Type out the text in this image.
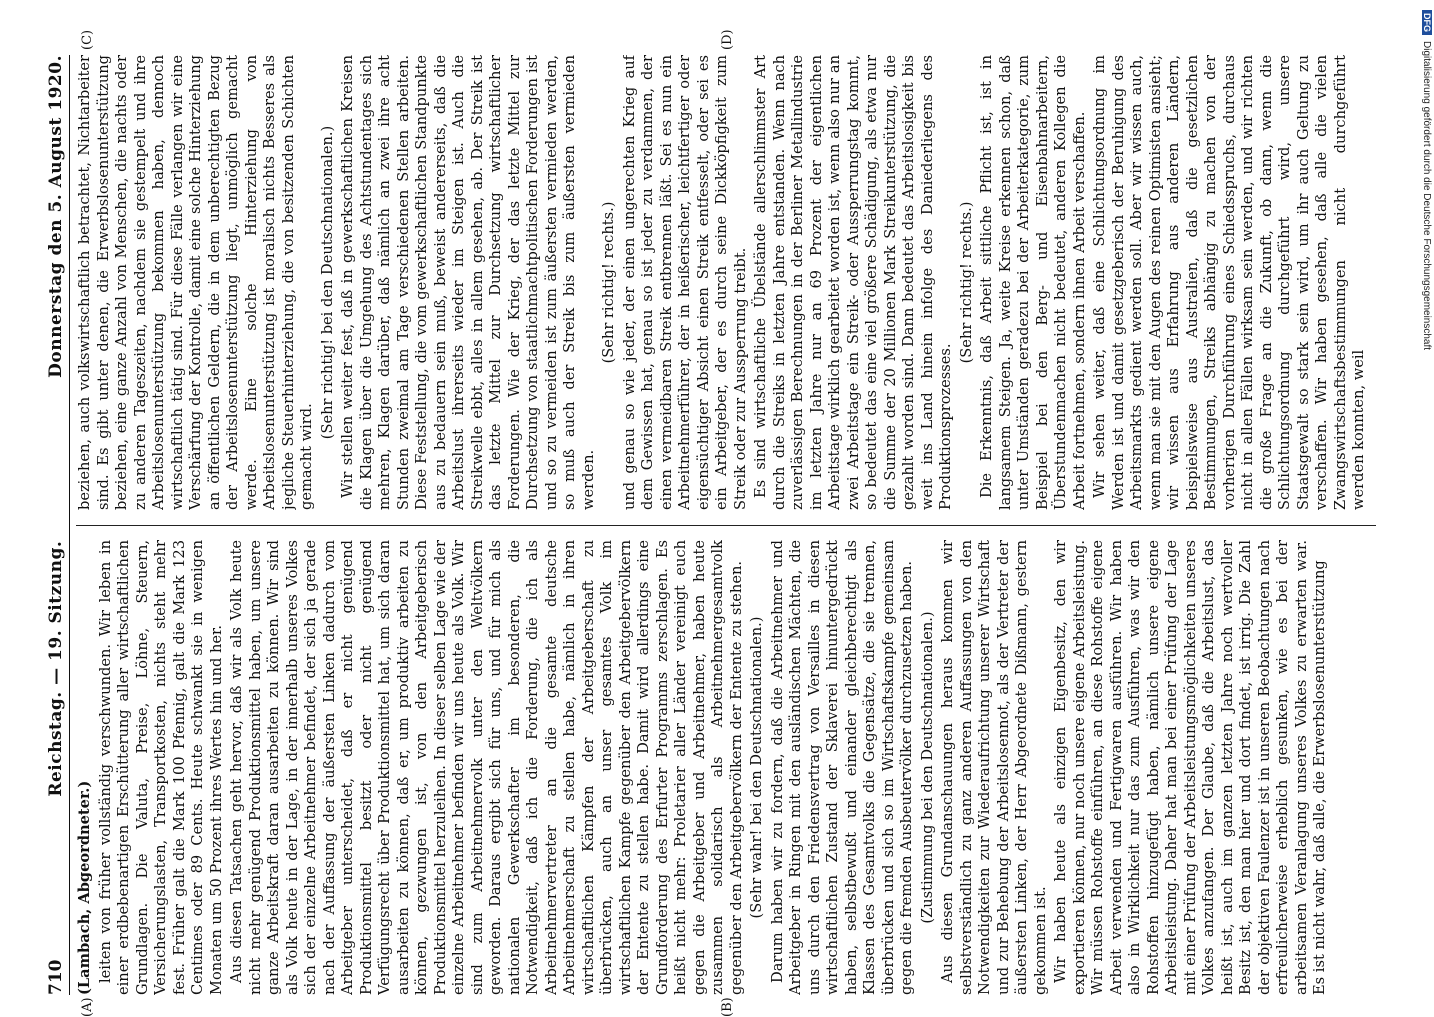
710
Reichstag. — 19. Sitzung.
Donnerstag den 5. August 1920.
(A)	(B)
(C)	(D)

(Lambach, Abgeordneter.) leiten von früher vollständig verschwunden. Wir leben in einer erdbebenartigen Erschütterung aller wirtschaftlichen Grundlagen. Die Valuta, Preise, Löhne, Steuern, Versicherungslasten, Transportkosten, nichts steht mehr fest. Früher galt die Mark 100 Pfennig, galt die Mark 123 Centimes oder 89 Cents. Heute schwankt sie in wenigen Monaten um 50 Prozent ihres Wertes hin und her. Aus diesen Tatsachen geht hervor, daß wir als Volk heute nicht mehr genügend Produktionsmittel haben, um unsere ganze Arbeitskraft daran ausarbeiten zu können. Wir sind als Volk heute in der Lage, in der innerhalb unseres Volkes sich der einzelne Arbeitnehmer befindet, der sich ja gerade nach der Auffassung der äußersten Linken dadurch vom Arbeitgeber unterscheidet, daß er nicht genügend Produktionsmittel besitzt oder nicht genügend Verfügungsrecht über Produktionsmittel hat, um sich daran ausarbeiten zu können, daß er, um produktiv arbeiten zu können, gezwungen ist, von den Arbeitgeberisch Produktionsmittel herzuleihen. In dieser selben Lage wie der einzelne Arbeitnehmer befinden wir uns heute als Volk. Wir sind zum Arbeitnehmervolk unter den Weltvölkern geworden. Daraus ergibt sich für uns, und für mich als nationalen Gewerkschafter im besonderen, die Notwendigkeit, daß ich die Forderung, die ich als Arbeitnehmervertreter an die gesamte deutsche Arbeitnehmerschaft zu stellen habe, nämlich in ihren wirtschaftlichen Kämpfen der Arbeitgeberschaft zu überbrücken, auch an unser gesamtes Volk im wirtschaftlichen Kampfe gegenüber den Arbeitgebervölkern der Entente zu stellen habe. Damit wird allerdings eine Grundforderung des Erfurter Programms zerschlagen. Es heißt nicht mehr: Proletarier aller Länder vereinigt euch gegen die Arbeitgeber und Arbeitnehmer, haben heute zusammen solidarisch als Arbeitnehmergesamtvolk gegenüber den Arbeitgebervölkern der Entente zu stehen. (Sehr wahr! bei den Deutschnationalen.) Darum haben wir zu fordern, daß die Arbeitnehmer und Arbeitgeber in Ringen mit den ausländischen Mächten, die uns durch den Friedensvertrag von Versailles in diesen wirtschaftlichen Zustand der Sklaverei hinuntergedrückt haben, selbstbewußt und einander gleichberechtigt als Klassen des Gesamtvolks die Gegensätze, die sie trennen, überbrücken und sich so im Wirtschaftskampfe gemeinsam gegen die fremden Ausbeutervölker durchzusetzen haben. (Zustimmung bei den Deutschnationalen.) Aus diesen Grundanschauungen heraus kommen wir selbstverständlich zu ganz anderen Auffassungen von den Notwendigkeiten zur Wiederaufrichtung unserer Wirtschaft und zur Behebung der Arbeitslosennot, als der Vertreter der äußersten Linken, der Herr Abgeordnete Dißmann, gestern gekommen ist. Wir haben heute als einzigen Eigenbesitz, den wir exportieren können, nur noch unsere eigene Arbeitsleistung. Wir müssen Rohstoffe einführen, an diese Rohstoffe eigene Arbeit verwenden und Fertigwaren ausführen. Wir haben also in Wirklichkeit nur das zum Ausführen, was wir den Rohstoffen hinzugefügt haben, nämlich unsere eigene Arbeitsleistung. Daher hat man bei einer Prüfung der Lage mit einer Prüfung der Arbeitsleistungsmöglichkeiten unseres Volkes anzufangen. Der Glaube, daß die Arbeitslust, das heißt ist, auch im ganzen letzten Jahre noch wertvoller Besitz ist, den man hier und dort findet, ist irrig. Die Zahl der objektiven Faulenzer ist in unseren Beobachtungen nach erfreulicherweise erheblich gesunken, wie es bei der arbeitsamen Veranlagung unseres Volkes zu erwarten war. Es ist nicht wahr, daß alle, die Erwerbslosenunterstützung

beziehen, auch volkswirtschaftlich betrachtet, Nichtarbeiter sind. Es gibt unter denen, die Erwerbslosenunterstützung beziehen, eine ganze Anzahl von Menschen, die nachts oder zu anderen Tageszeiten, nachdem sie gestempelt und ihre Arbeitslosenunterstützung bekommen haben, dennoch wirtschaftlich tätig sind. Für diese Fälle verlangen wir eine Verschärfung der Kontrolle, damit eine solche Hinterziehung an öffentlichen Geldern, die in dem unberechtigten Bezug der Arbeitslosenunterstützung liegt, unmöglich gemacht werde. Eine solche Hinterziehung von Arbeitslosenunterstützung ist moralisch nichts Besseres als jegliche Steuerhinterziehung, die von besitzenden Schichten gemacht wird.

(Sehr richtig! bei den Deutschnationalen.) Wir stellen weiter fest, daß in gewerkschaftlichen Kreisen die Klagen über die Umgehung des Achtstundentages sich mehren, Klagen darüber, daß nämlich an zwei ihre acht Stunden zweimal am Tage verschiedenen Stellen arbeiten. Diese Feststellung, die vom gewerkschaftlichen Standpunkte aus zu bedauern sein muß, beweist andererseits, daß die Arbeitslust ihrerseits wieder im Steigen ist. Auch die Streikwelle ebbt, alles in allem gesehen, ab. Der Streik ist das letzte Mittel zur Durchsetzung wirtschaftlicher Forderungen. Wie der Krieg, der das letzte Mittel zur Durchsetzung von staatlichmachtpolitischen Forderungen ist und so zu vermeiden ist zum äußersten vermieden werden, so muß auch der Streik bis zum äußersten vermieden werden.

(Sehr richtig! rechts.) und genau so wie jeder, der einen ungerechten Krieg auf dem Gewissen hat, genau so ist jeder zu verdammen, der einen vermeidbaren Streik entbrennen läßt. Sei es nun ein Arbeitnehmerführer, der in heißerischer, leichtfertiger oder eigensüchtiger Absicht einen Streik entfesselt, oder sei es ein Arbeitgeber, der es durch seine Dickköpfigkeit zum Streik oder zur Aussperrung treibt. Es sind wirtschaftliche Übelstände allerschlimmster Art durch die Streiks in letzten Jahre entstanden. Wenn nach zuverlässigen Berechnungen in der Berliner Metallindustrie im letzten Jahre nur an 69 Prozent der eigentlichen Arbeitstage wirklich gearbeitet worden ist, wenn also nur an zwei Arbeitstage ein Streik- oder Aussperrungstag kommt, so bedeutet das eine viel größere Schädigung, als etwa nur die Summe der 20 Millionen Mark Streikunterstützung, die gezahlt worden sind. Dann bedeutet das Arbeitslosigkeit bis weit ins Land hinein infolge des Daniederliegens des Produktionsprozesses.

(Sehr richtig! rechts.) Die Erkenntnis, daß Arbeit sittliche Pflicht ist, ist in langsamem Steigen. Ja, weite Kreise erkennen schon, daß unter Umständen geradezu bei der Arbeiterkategorie, zum Beispiel bei den Berg- und Eisenbahnarbeitern, Überstundenmachen nicht bedeutet, anderen Kollegen die Arbeit fortnehmen, sondern ihnen Arbeit verschaffen. Wir sehen weiter, daß eine Schlichtungsordnung im Werden ist und damit gesetzgeberisch der Beruhigung des Arbeitsmarkts gedient werden soll. Aber wir wissen auch, wenn man sie mit den Augen des reinen Optimisten ansieht; wir wissen aus Erfahrung aus anderen Ländern, beispielsweise aus Australien, daß die gesetzlichen Bestimmungen, Streiks abhängig zu machen von der vorherigen Durchführung eines Schiedsspruchs, durchaus nicht in allen Fällen wirksam sein werden, und wir richten die große Frage an die Zukunft, ob dann, wenn die Schlichtungsordnung durchgeführt wird, unsere Staatsgewalt so stark sein wird, um ihr auch Geltung zu verschaffen. Wir haben gesehen, daß alle die vielen Zwangswirtschaftsbestimmungen nicht durchgeführt werden konnten, weil

DFGDigitalisierung gefördert durch die Deutsche Forschungsgemeinschaft
